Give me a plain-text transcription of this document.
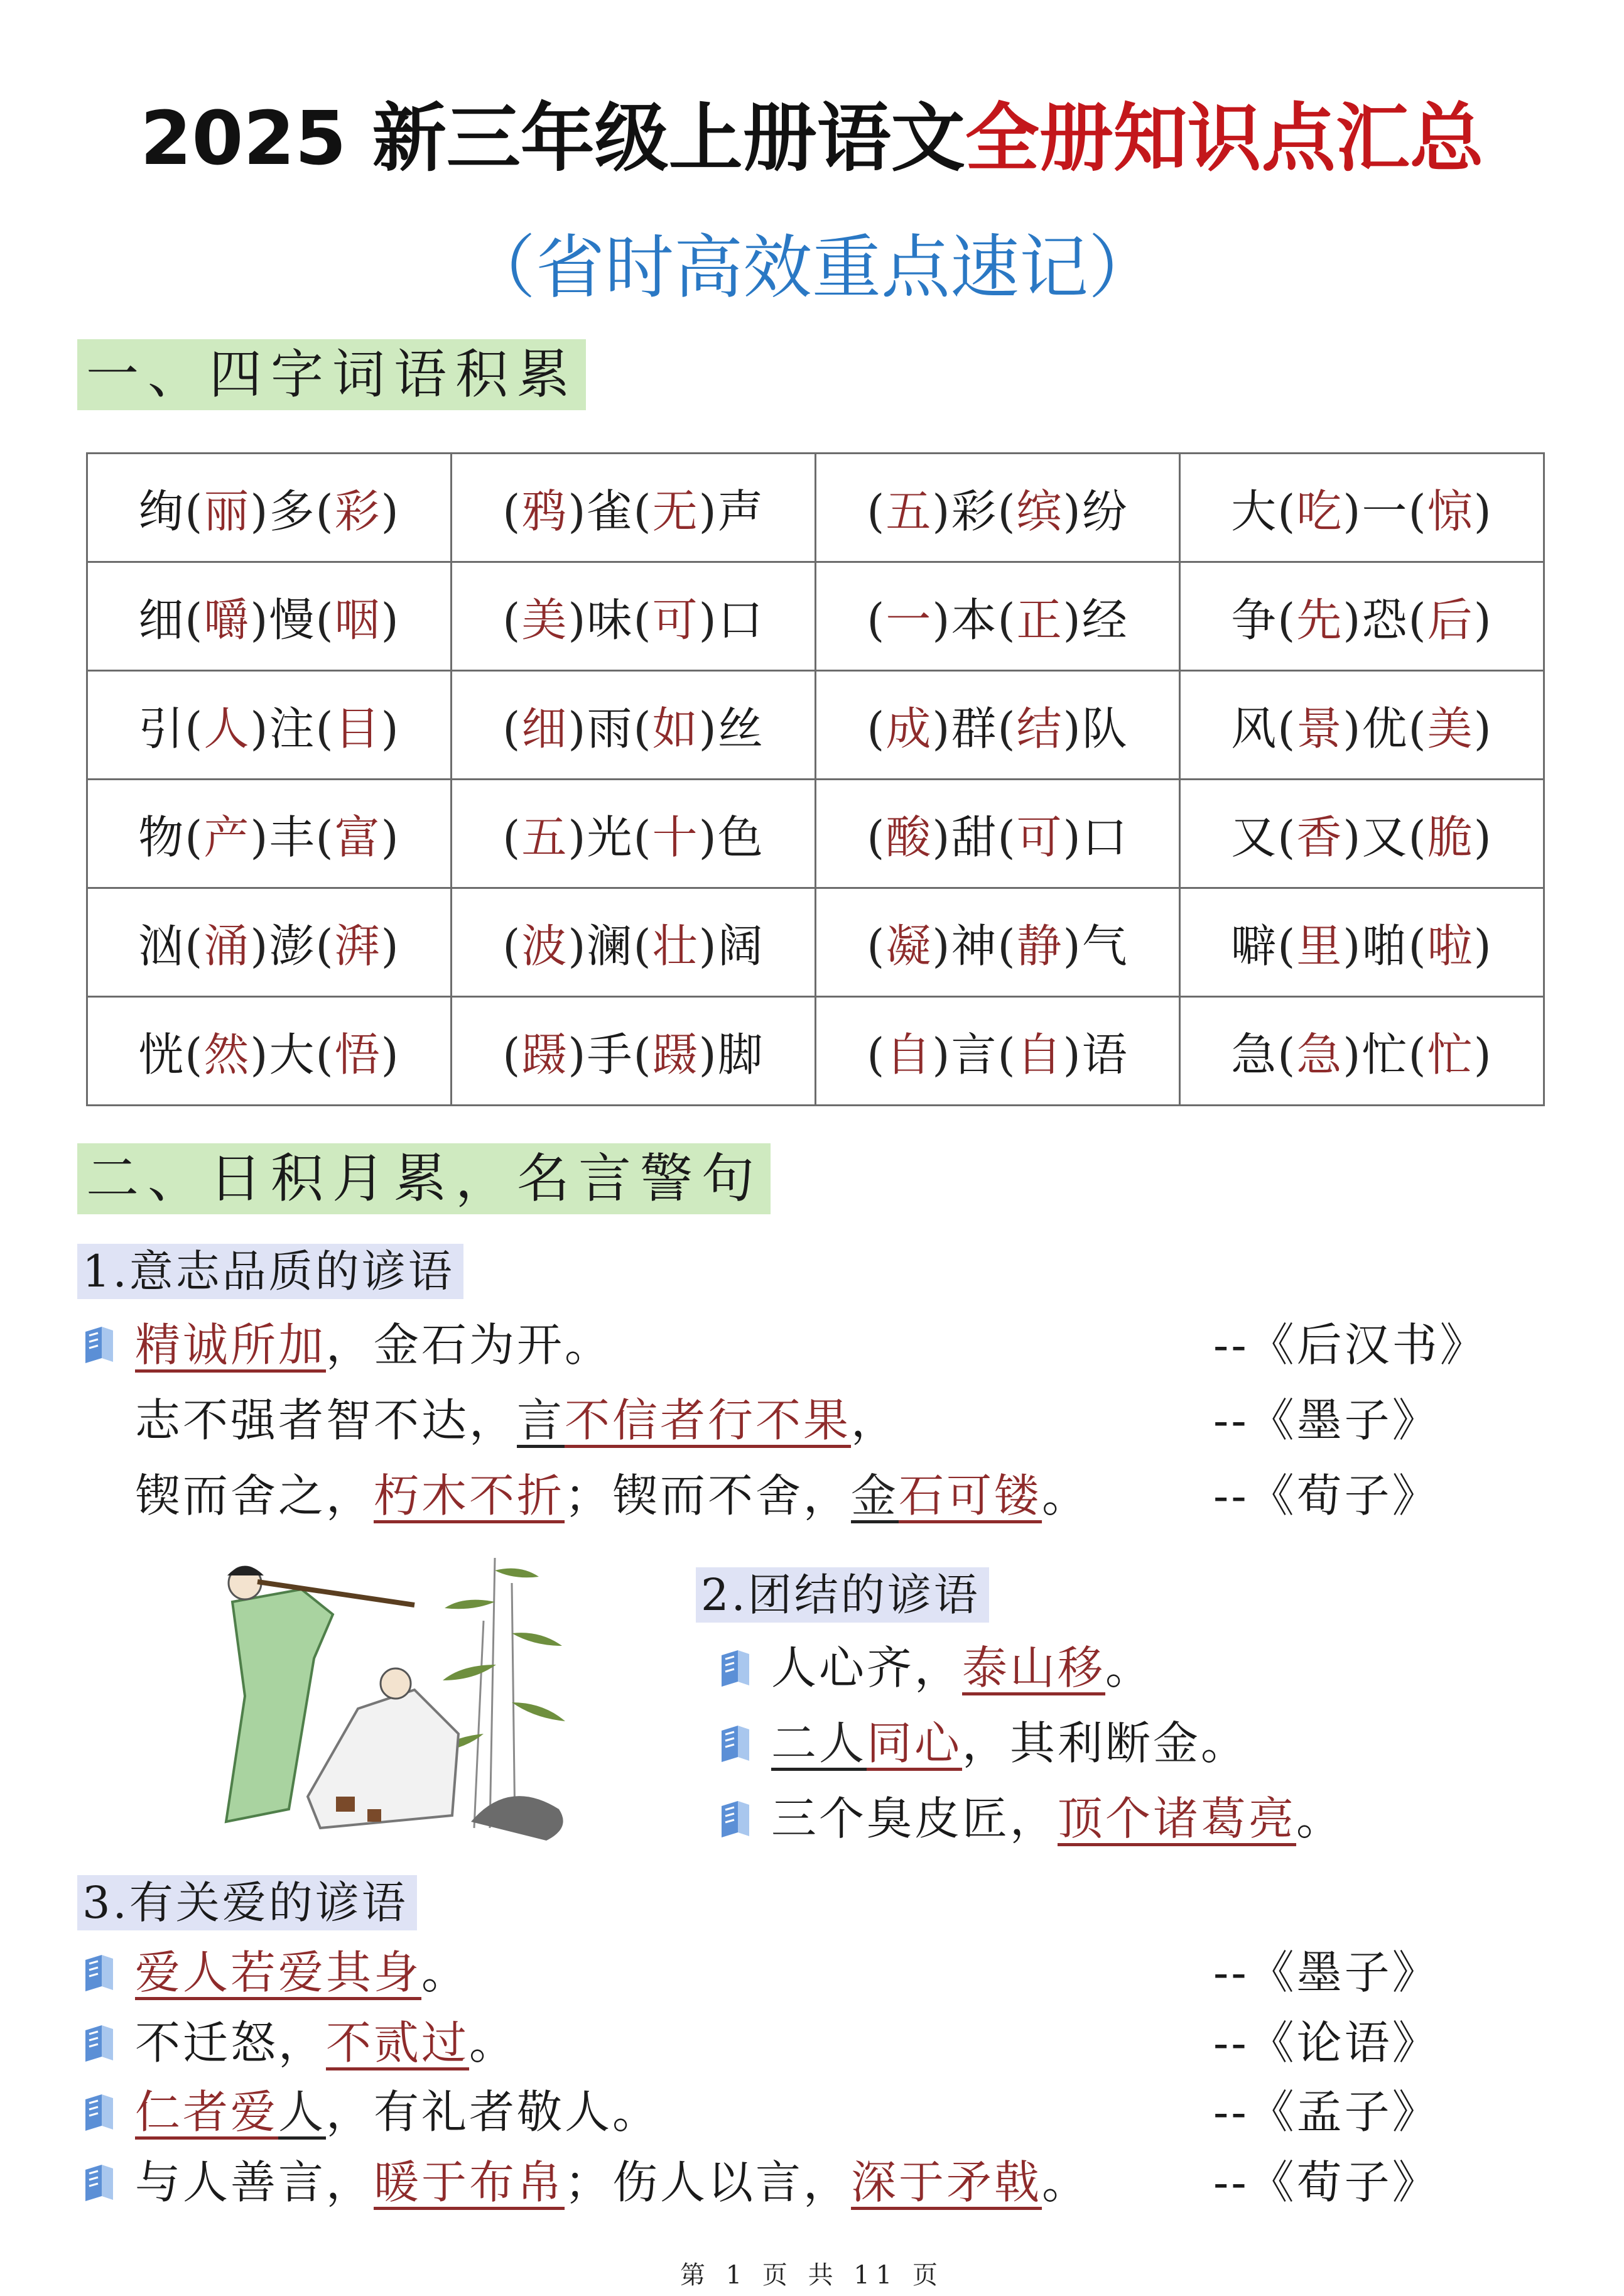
2025 新三年级上册语文全册知识点汇总
（省时高效重点速记）
一、四字词语积累
绚(丽)多(彩)	(鸦)雀(无)声	(五)彩(缤)纷	大(吃)一(惊)
细(嚼)慢(咽)	(美)味(可)口	(一)本(正)经	争(先)恐(后)
引(人)注(目)	(细)雨(如)丝	(成)群(结)队	风(景)优(美)
物(产)丰(富)	(五)光(十)色	(酸)甜(可)口	又(香)又(脆)
汹(涌)澎(湃)	(波)澜(壮)阔	(凝)神(静)气	噼(里)啪(啦)
恍(然)大(悟)	(蹑)手(蹑)脚	(自)言(自)语	急(急)忙(忙)
二、日积月累，名言警句
1.意志品质的谚语
精诚所加，金石为开。	--《后汉书》
志不强者智不达，言不信者行不果，	--《墨子》
锲而舍之，朽木不折；锲而不舍，金石可镂。	--《荀子》
2.团结的谚语
人心齐，泰山移。
二人同心，其利断金。
三个臭皮匠，顶个诸葛亮。
3.有关爱的谚语
爱人若爱其身。	--《墨子》
不迁怒，不贰过。	--《论语》
仁者爱人，有礼者敬人。	--《孟子》
与人善言，暖于布帛；伤人以言，深于矛戟。	--《荀子》
第 1 页 共 11 页
